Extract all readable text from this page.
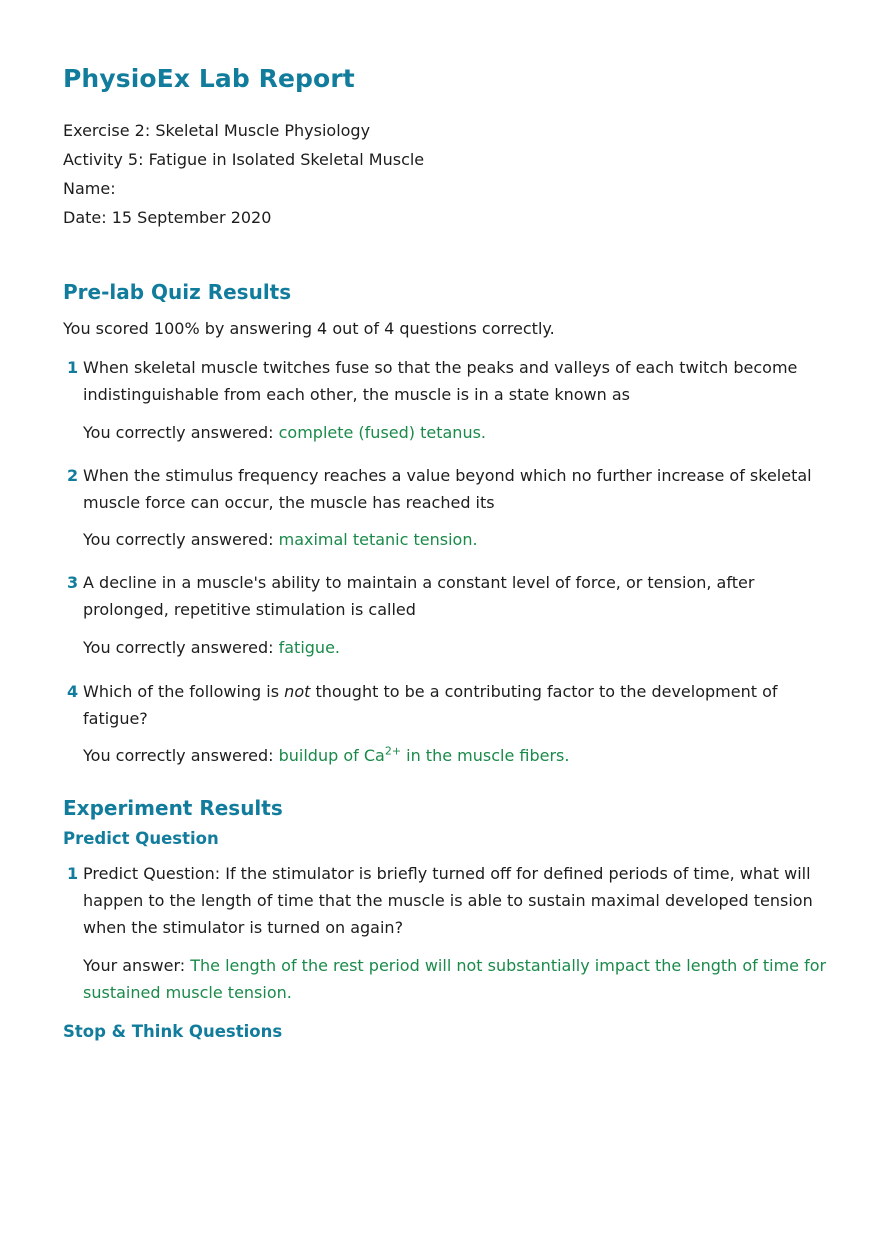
PhysioEx Lab Report
Exercise 2: Skeletal Muscle Physiology
Activity 5: Fatigue in Isolated Skeletal Muscle
Name:
Date: 15 September 2020
Pre-lab Quiz Results
You scored 100% by answering 4 out of 4 questions correctly.
1 When skeletal muscle twitches fuse so that the peaks and valleys of each twitch become indistinguishable from each other, the muscle is in a state known as
You correctly answered: complete (fused) tetanus.
2 When the stimulus frequency reaches a value beyond which no further increase of skeletal muscle force can occur, the muscle has reached its
You correctly answered: maximal tetanic tension.
3 A decline in a muscle's ability to maintain a constant level of force, or tension, after prolonged, repetitive stimulation is called
You correctly answered: fatigue.
4 Which of the following is not thought to be a contributing factor to the development of fatigue?
You correctly answered: buildup of $Ca^{2+}$ in the muscle fibers.
Experiment Results
Predict Question
1 Predict Question: If the stimulator is briefly turned off for defined periods of time, what will happen to the length of time that the muscle is able to sustain maximal developed tension when the stimulator is turned on again?
Your answer: The length of the rest period will not substantially impact the length of time for sustained muscle tension.
Stop & Think Questions
